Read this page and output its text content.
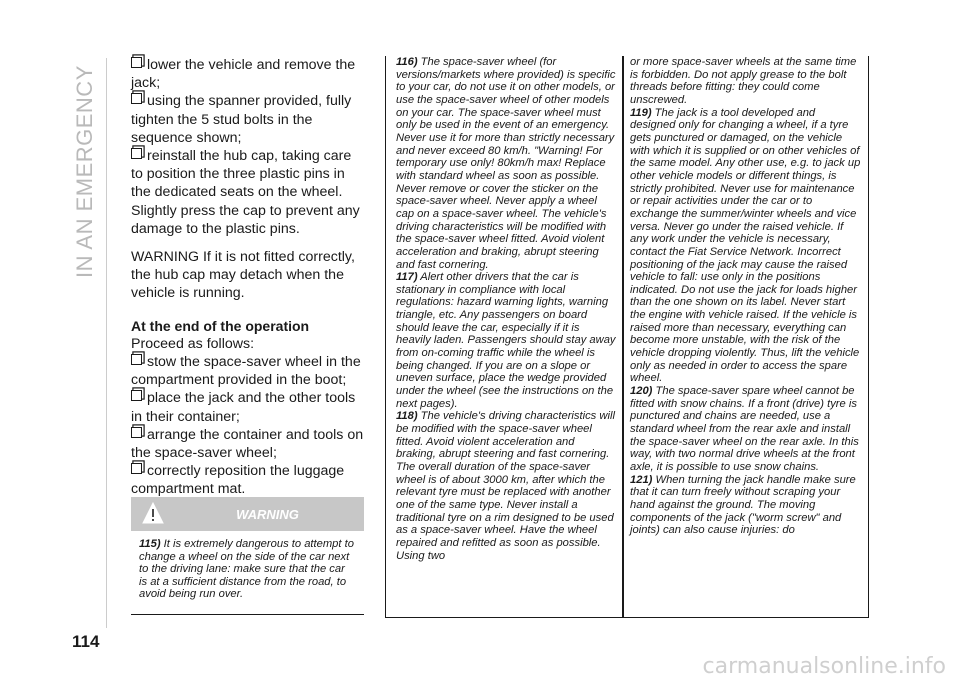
IN AN EMERGENCY
114
lower the vehicle and remove the jack;
using the spanner provided, fully tighten the 5 stud bolts in the sequence shown;
reinstall the hub cap, taking care to position the three plastic pins in the dedicated seats on the wheel. Slightly press the cap to prevent any damage to the plastic pins.

WARNING If it is not fitted correctly, the hub cap may detach when the vehicle is running.

At the end of the operation
Proceed as follows:
stow the space-saver wheel in the compartment provided in the boot;
place the jack and the other tools in their container;
arrange the container and tools on the space-saver wheel;
correctly reposition the luggage compartment mat.
WARNING
115) It is extremely dangerous to attempt to change a wheel on the side of the car next to the driving lane: make sure that the car is at a sufficient distance from the road, to avoid being run over.
116) The space-saver wheel (for versions/markets where provided) is specific to your car, do not use it on other models, or use the space-saver wheel of other models on your car. The space-saver wheel must only be used in the event of an emergency. Never use it for more than strictly necessary and never exceed 80 km/h. "Warning! For temporary use only! 80km/h max! Replace with standard wheel as soon as possible. Never remove or cover the sticker on the space-saver wheel. Never apply a wheel cap on a space-saver wheel. The vehicle's driving characteristics will be modified with the space-saver wheel fitted. Avoid violent acceleration and braking, abrupt steering and fast cornering.
117) Alert other drivers that the car is stationary in compliance with local regulations: hazard warning lights, warning triangle, etc. Any passengers on board should leave the car, especially if it is heavily laden. Passengers should stay away from on-coming traffic while the wheel is being changed. If you are on a slope or uneven surface, place the wedge provided under the wheel (see the instructions on the next pages).
118) The vehicle's driving characteristics will be modified with the space-saver wheel fitted. Avoid violent acceleration and braking, abrupt steering and fast cornering. The overall duration of the space-saver wheel is of about 3000 km, after which the relevant tyre must be replaced with another one of the same type. Never install a traditional tyre on a rim designed to be used as a space-saver wheel. Have the wheel repaired and refitted as soon as possible. Using two
or more space-saver wheels at the same time is forbidden. Do not apply grease to the bolt threads before fitting: they could come unscrewed.
119) The jack is a tool developed and designed only for changing a wheel, if a tyre gets punctured or damaged, on the vehicle with which it is supplied or on other vehicles of the same model. Any other use, e.g. to jack up other vehicle models or different things, is strictly prohibited. Never use for maintenance or repair activities under the car or to exchange the summer/winter wheels and vice versa. Never go under the raised vehicle. If any work under the vehicle is necessary, contact the Fiat Service Network. Incorrect positioning of the jack may cause the raised vehicle to fall: use only in the positions indicated. Do not use the jack for loads higher than the one shown on its label. Never start the engine with vehicle raised. If the vehicle is raised more than necessary, everything can become more unstable, with the risk of the vehicle dropping violently. Thus, lift the vehicle only as needed in order to access the spare wheel.
120) The space-saver spare wheel cannot be fitted with snow chains. If a front (drive) tyre is punctured and chains are needed, use a standard wheel from the rear axle and install the space-saver wheel on the rear axle. In this way, with two normal drive wheels at the front axle, it is possible to use snow chains.
121) When turning the jack handle make sure that it can turn freely without scraping your hand against the ground. The moving components of the jack ("worm screw" and joints) can also cause injuries: do
carmanualsonline.info
